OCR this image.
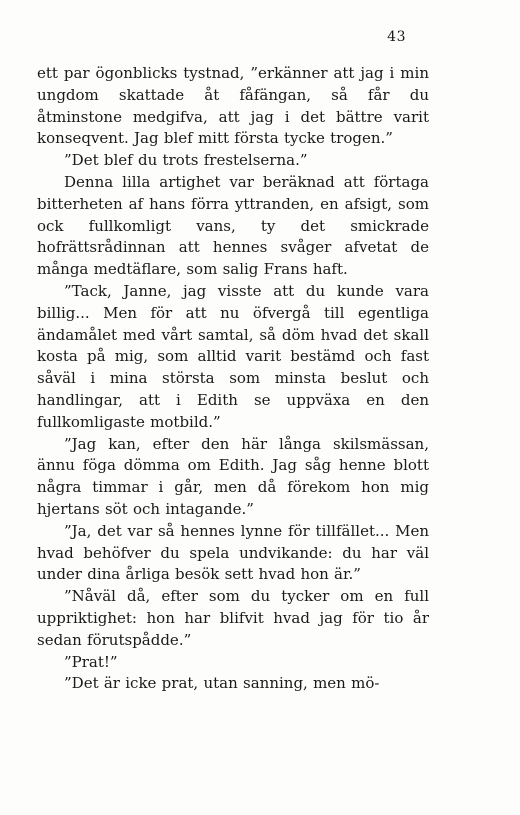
43

ett par ögonblicks tystnad, ”erkänner att jag i min ungdom skattade åt fåfängan, så får du åtminstone medgifva, att jag i det bättre varit konseqvent. Jag blef mitt första tycke trogen.”

”Det blef du trots frestelserna.”

Denna lilla artighet var beräknad att förtaga bitterheten af hans förra yttranden, en afsigt, som ock fullkomligt vans, ty det smickrade hofrättsrådinnan att hennes svåger afvetat de många medtäflare, som salig Frans haft.

”Tack, Janne, jag visste att du kunde vara billig... Men för att nu öfvergå till egentliga ändamålet med vårt samtal, så döm hvad det skall kosta på mig, som alltid varit bestämd och fast såväl i mina största som minsta beslut och handlingar, att i Edith se uppväxa en den fullkomligaste motbild.”

”Jag kan, efter den här långa skilsmässan, ännu föga dömma om Edith. Jag såg henne blott några timmar i går, men då förekom hon mig hjertans söt och intagande.”

”Ja, det var så hennes lynne för tillfället... Men hvad behöfver du spela undvikande: du har väl under dina årliga besök sett hvad hon är.”

”Nåväl då, efter som du tycker om en full uppriktighet: hon har blifvit hvad jag för tio år sedan förutspådde.”

”Prat!”

”Det är icke prat, utan sanning, men mö-
